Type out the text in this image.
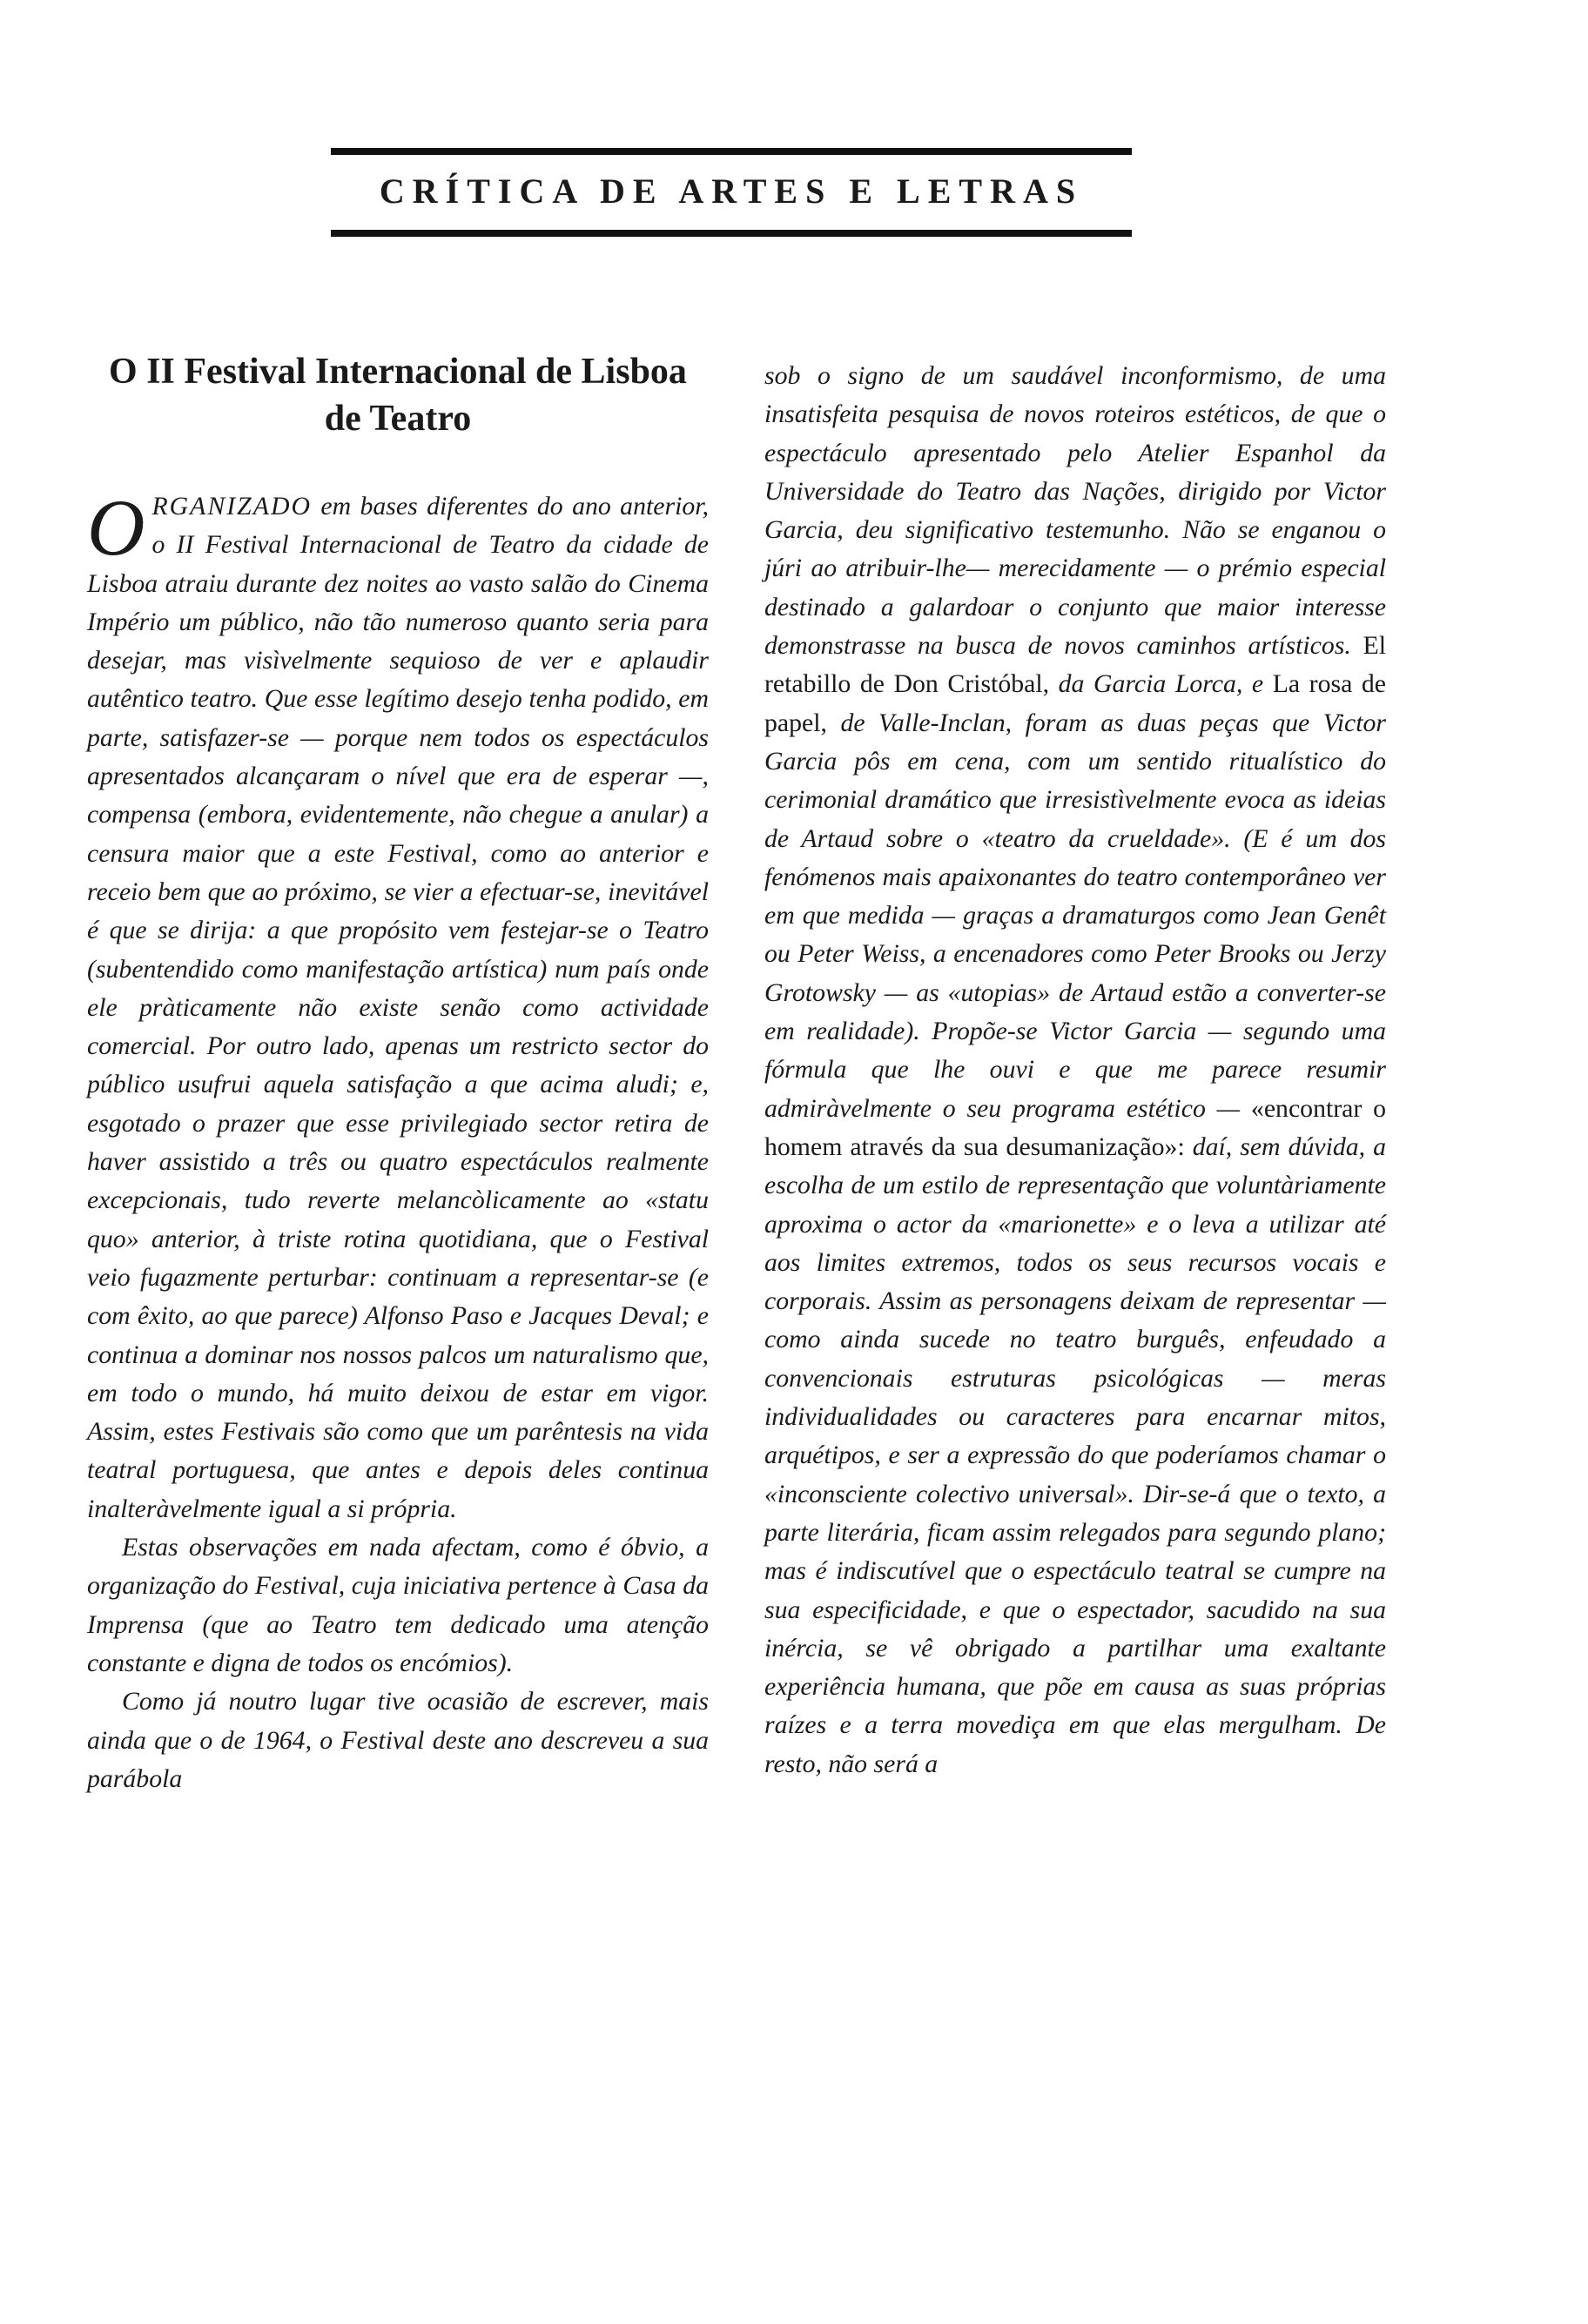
CRÍTICA DE ARTES E LETRAS
O II Festival Internacional de Lisboa de Teatro

ORGANIZADO em bases diferentes do ano anterior, o II Festival Internacional de Teatro da cidade de Lisboa atraiu durante dez noites ao vasto salão do Cinema Império um público, não tão numeroso quanto seria para desejar, mas visìvelmente sequioso de ver e aplaudir autêntico teatro. Que esse legítimo desejo tenha podido, em parte, satisfazer-se — porque nem todos os espectáculos apresentados alcançaram o nível que era de esperar —, compensa (embora, evidentemente, não chegue a anular) a censura maior que a este Festival, como ao anterior e receio bem que ao próximo, se vier a efectuar-se, inevitável é que se dirija: a que propósito vem festejar-se o Teatro (subentendido como manifestação artística) num país onde ele pràticamente não existe senão como actividade comercial. Por outro lado, apenas um restricto sector do público usufrui aquela satisfação a que acima aludi; e, esgotado o prazer que esse privilegiado sector retira de haver assistido a três ou quatro espectáculos realmente excepcionais, tudo reverte melancòlicamente ao «statu quo» anterior, à triste rotina quotidiana, que o Festival veio fugazmente perturbar: continuam a representar-se (e com êxito, ao que parece) Alfonso Paso e Jacques Deval; e continua a dominar nos nossos palcos um naturalismo que, em todo o mundo, há muito deixou de estar em vigor. Assim, estes Festivais são como que um parêntesis na vida teatral portuguesa, que antes e depois deles continua inalteràvelmente igual a si própria.

Estas observações em nada afectam, como é óbvio, a organização do Festival, cuja iniciativa pertence à Casa da Imprensa (que ao Teatro tem dedicado uma atenção constante e digna de todos os encómios).

Como já noutro lugar tive ocasião de escrever, mais ainda que o de 1964, o Festival deste ano descreveu a sua parábola

sob o signo de um saudável inconformismo, de uma insatisfeita pesquisa de novos roteiros estéticos, de que o espectáculo apresentado pelo Atelier Espanhol da Universidade do Teatro das Nações, dirigido por Victor Garcia, deu significativo testemunho. Não se enganou o júri ao atribuir-lhe— merecidamente — o prémio especial destinado a galardoar o conjunto que maior interesse demonstrasse na busca de novos caminhos artísticos. El retabillo de Don Cristóbal, da Garcia Lorca, e La rosa de papel, de Valle-Inclan, foram as duas peças que Victor Garcia pôs em cena, com um sentido ritualístico do cerimonial dramático que irresistìvelmente evoca as ideias de Artaud sobre o «teatro da crueldade». (E é um dos fenómenos mais apaixonantes do teatro contemporâneo ver em que medida — graças a dramaturgos como Jean Genêt ou Peter Weiss, a encenadores como Peter Brooks ou Jerzy Grotowsky — as «utopias» de Artaud estão a converter-se em realidade). Propõe-se Victor Garcia — segundo uma fórmula que lhe ouvi e que me parece resumir admiràvelmente o seu programa estético — «encontrar o homem através da sua desumanização»: daí, sem dúvida, a escolha de um estilo de representação que voluntàriamente aproxima o actor da «marionette» e o leva a utilizar até aos limites extremos, todos os seus recursos vocais e corporais. Assim as personagens deixam de representar — como ainda sucede no teatro burguês, enfeudado a convencionais estruturas psicológicas — meras individualidades ou caracteres para encarnar mitos, arquétipos, e ser a expressão do que poderíamos chamar o «inconsciente colectivo universal». Dir-se-á que o texto, a parte literária, ficam assim relegados para segundo plano; mas é indiscutível que o espectáculo teatral se cumpre na sua especificidade, e que o espectador, sacudido na sua inércia, se vê obrigado a partilhar uma exaltante experiência humana, que põe em causa as suas próprias raízes e a terra movediça em que elas mergulham. De resto, não será a
